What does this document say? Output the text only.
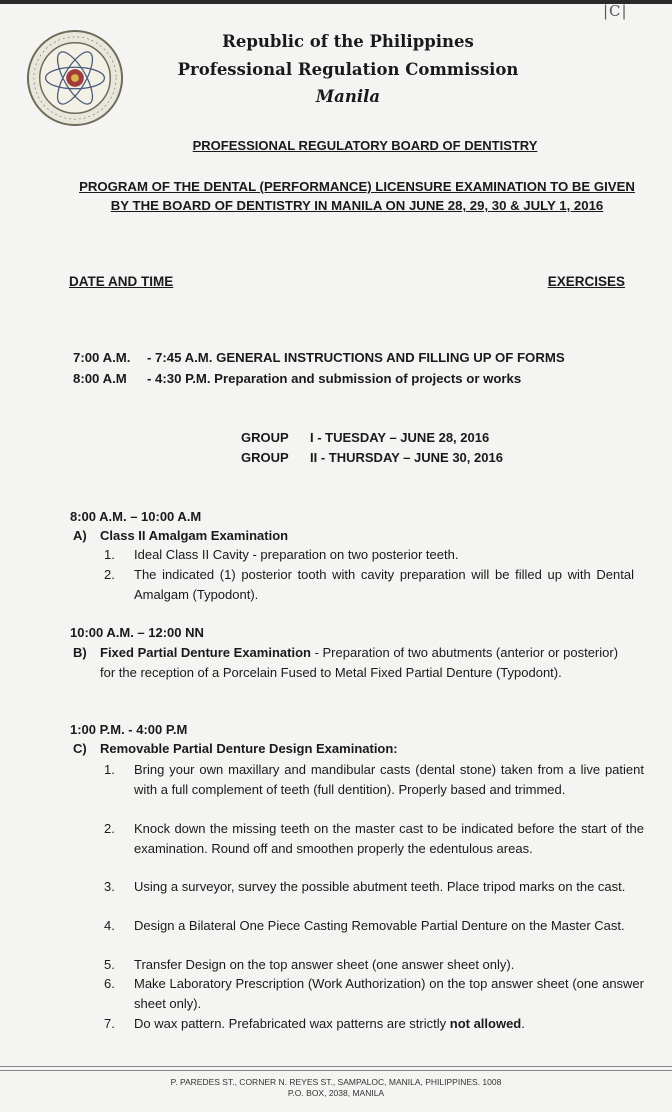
|C|
Republic of the Philippines
Professional Regulation Commission
Manila
PROFESSIONAL REGULATORY BOARD OF DENTISTRY
PROGRAM OF THE DENTAL (PERFORMANCE) LICENSURE EXAMINATION TO BE GIVEN BY THE BOARD OF DENTISTRY IN MANILA ON JUNE 28, 29, 30 & JULY 1, 2016
DATE AND TIME	EXERCISES
7:00 A.M. - 7:45 A.M. GENERAL INSTRUCTIONS AND FILLING UP OF FORMS
8:00 A.M - 4:30 P.M. Preparation and submission of projects or works
GROUP I - TUESDAY – JUNE 28, 2016
GROUP II - THURSDAY – JUNE 30, 2016
8:00 A.M. – 10:00 A.M
A) Class II Amalgam Examination
1. Ideal Class II Cavity - preparation on two posterior teeth.
2. The indicated (1) posterior tooth with cavity preparation will be filled up with Dental Amalgam (Typodont).
10:00 A.M. – 12:00 NN
B) Fixed Partial Denture Examination - Preparation of two abutments (anterior or posterior) for the reception of a Porcelain Fused to Metal Fixed Partial Denture (Typodont).
1:00 P.M. - 4:00 P.M
C) Removable Partial Denture Design Examination:
1. Bring your own maxillary and mandibular casts (dental stone) taken from a live patient with a full complement of teeth (full dentition). Properly based and trimmed.
2. Knock down the missing teeth on the master cast to be indicated before the start of the examination. Round off and smoothen properly the edentulous areas.
3. Using a surveyor, survey the possible abutment teeth. Place tripod marks on the cast.
4. Design a Bilateral One Piece Casting Removable Partial Denture on the Master Cast.
5. Transfer Design on the top answer sheet (one answer sheet only).
6. Make Laboratory Prescription (Work Authorization) on the top answer sheet (one answer sheet only).
7. Do wax pattern. Prefabricated wax patterns are strictly not allowed.
P. PAREDES ST., CORNER N. REYES ST., SAMPALOC, MANILA, PHILIPPINES. 1008
P.O. BOX, 2038, MANILA
